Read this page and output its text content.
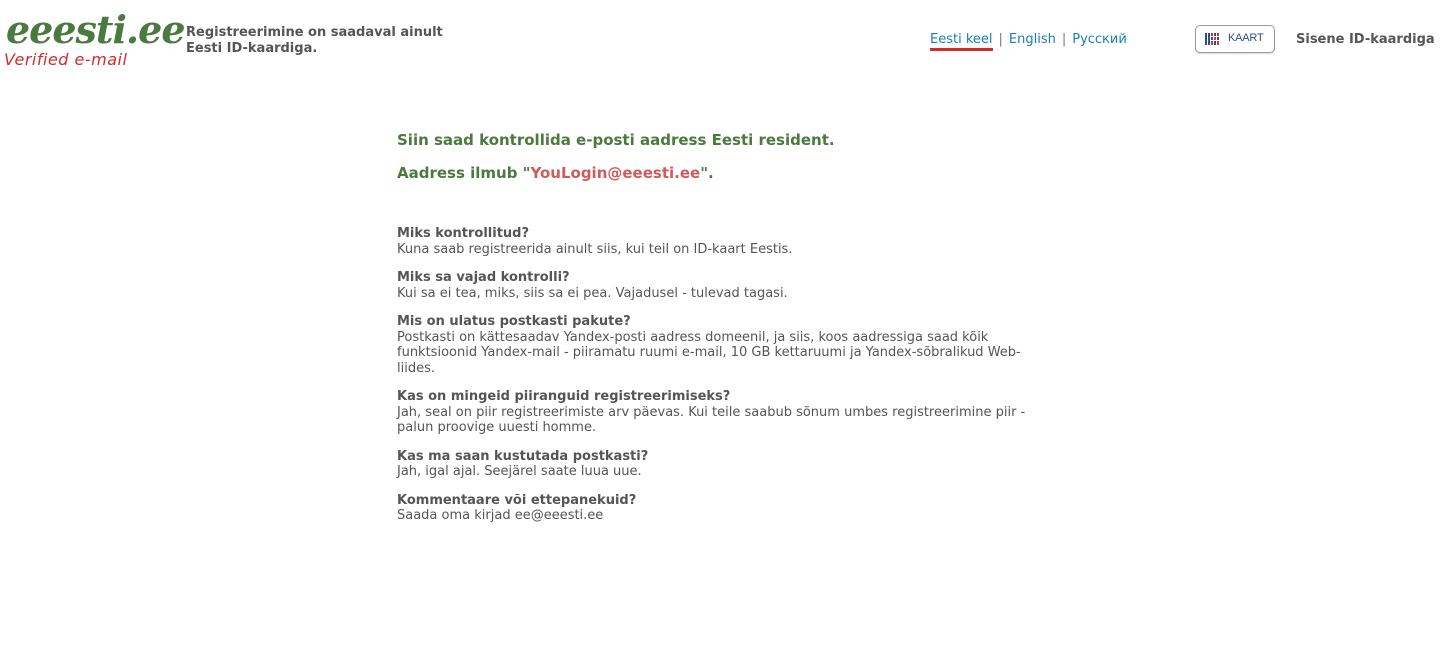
eeesti.ee
Verified e-mail
Registreerimine on saadaval ainult Eesti ID-kaardiga.
Eesti keel | English | Русский	KAART	Sisene ID-kaardiga

Siin saad kontrollida e-posti aadress Eesti resident.

Aadress ilmub "YouLogin@eeesti.ee".

Miks kontrollitud?

Kuna saab registreerida ainult siis, kui teil on ID-kaart Eestis.

Miks sa vajad kontrolli?

Kui sa ei tea, miks, siis sa ei pea. Vajadusel - tulevad tagasi.

Mis on ulatus postkasti pakute?

Postkasti on kättesaadav Yandex-posti aadress domeenil, ja siis, koos aadressiga saad kõik funktsioonid Yandex-mail - piiramatu ruumi e-mail, 10 GB kettaruumi ja Yandex-sõbralikud Web-liides.

Kas on mingeid piiranguid registreerimiseks?

Jah, seal on piir registreerimiste arv päevas. Kui teile saabub sõnum umbes registreerimine piir - palun proovige uuesti homme.

Kas ma saan kustutada postkasti?

Jah, igal ajal. Seejärel saate luua uue.

Kommentaare või ettepanekuid?

Saada oma kirjad ee@eeesti.ee
